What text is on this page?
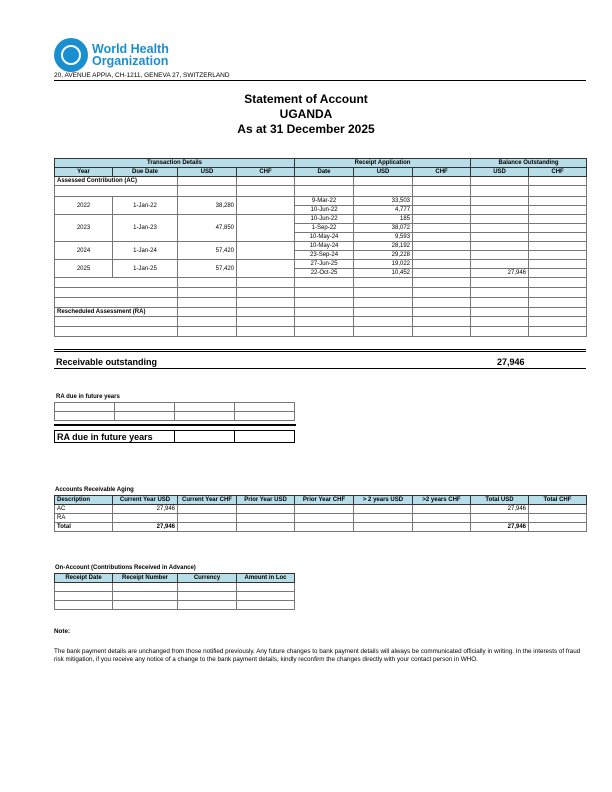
World Health
Organization
20, AVENUE APPIA, CH-1211, GENEVA 27, SWITZERLAND
Statement of Account
UGANDA
As at 31 December 2025
Transaction Details				Receipt Application			Balance Outstanding	
Year	Due Date	USD	CHF	Date	USD	CHF	USD	CHF
Assessed Contribution (AC)								

2022	1-Jan-22	38,280		9-Mar-22	33,503			
				10-Jun-22	4,777			
2023	1-Jan-23	47,850		10-Jun-22	185			
				1-Sep-22	38,072			
				10-May-24	9,593			
2024	1-Jan-24	57,420		10-May-24	28,192			
				23-Sep-24	29,228			
2025	1-Jan-25	57,420		27-Jun-25	19,022			
				22-Oct-25	10,452		27,946	

Rescheduled Assessment (RA)								

Receivable outstanding	27,946
RA due in future years

RA due in future years		
Accounts Receivable Aging
Description	Current Year USD	Current Year CHF	Prior Year USD	Prior Year CHF	> 2 years USD	>2 years CHF	Total USD	Total CHF
AC	27,946						27,946	
RA								
Total	27,946						27,946	
On-Account (Contributions Received in Advance)
Receipt Date	Receipt Number	Currency	Amount in Loc

Note:
The bank payment details are unchanged from those notified previously. Any future changes to bank payment details will always be communicated officially in writing. In the interests of fraud risk mitigation, if you receive any notice of a change to the bank payment details, kindly reconfirm the changes directly with your contact person in WHO.
